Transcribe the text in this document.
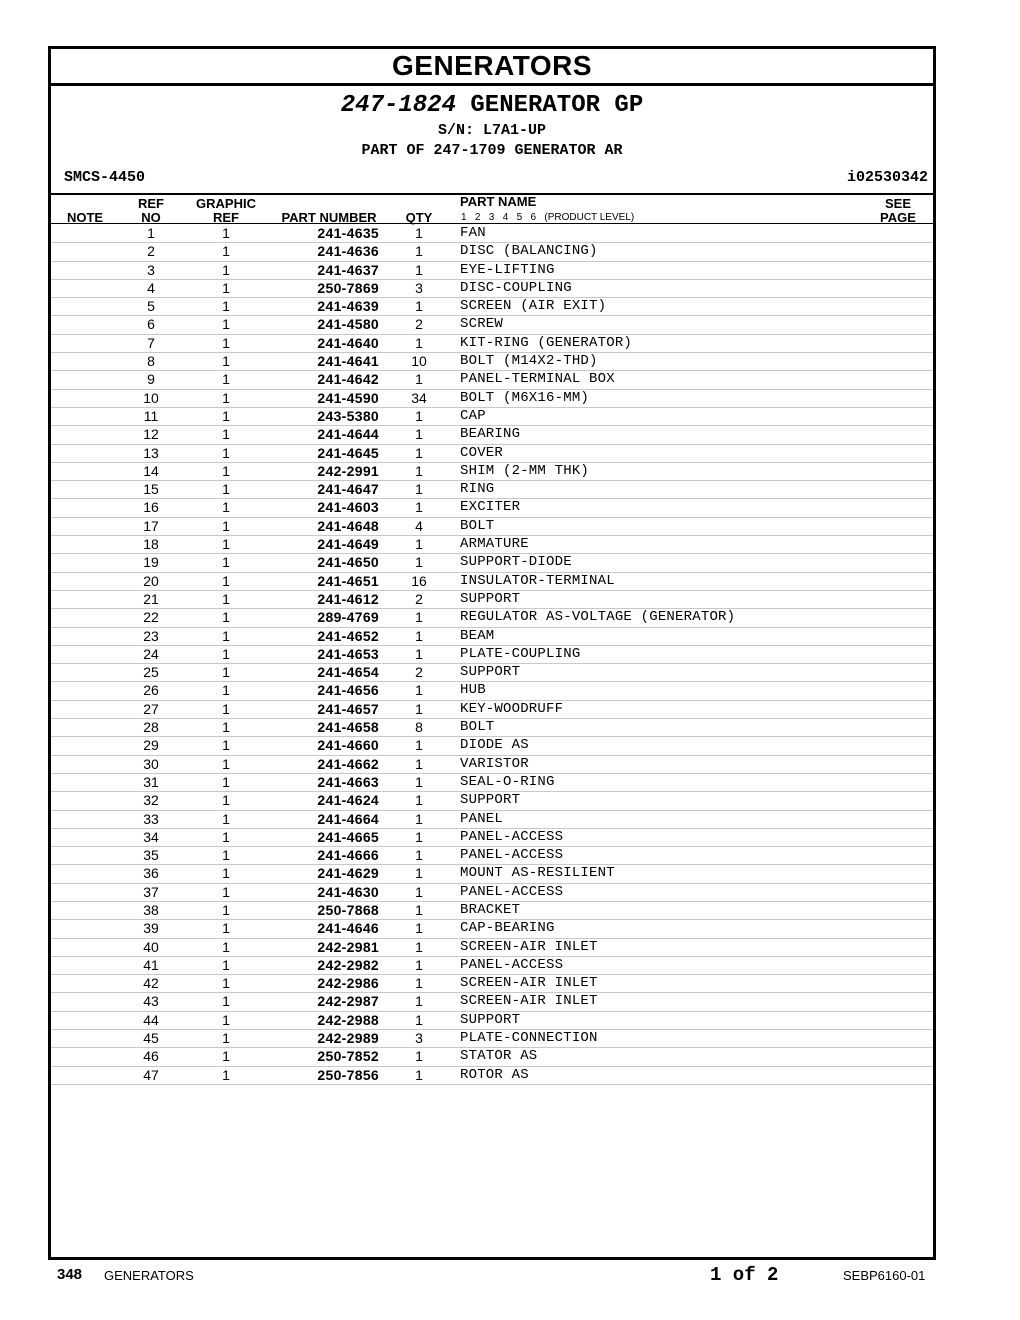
GENERATORS
247-1824 GENERATOR GP
S/N: L7A1-UP
PART OF 247-1709 GENERATOR AR
SMCS-4450	i02530342
NOTE
REF
NO
GRAPHIC
REF	PART NUMBER	QTY
PART NAME
1   2   3   4   5   6   (PRODUCT LEVEL)
SEE
PAGE
1	1	241-4635	1	FAN
2	1	241-4636	1	DISC (BALANCING)
3	1	241-4637	1	EYE-LIFTING
4	1	250-7869	3	DISC-COUPLING
5	1	241-4639	1	SCREEN (AIR EXIT)
6	1	241-4580	2	SCREW
7	1	241-4640	1	KIT-RING (GENERATOR)
8	1	241-4641	10	BOLT (M14X2-THD)
9	1	241-4642	1	PANEL-TERMINAL BOX
10	1	241-4590	34	BOLT (M6X16-MM)
11	1	243-5380	1	CAP
12	1	241-4644	1	BEARING
13	1	241-4645	1	COVER
14	1	242-2991	1	SHIM (2-MM THK)
15	1	241-4647	1	RING
16	1	241-4603	1	EXCITER
17	1	241-4648	4	BOLT
18	1	241-4649	1	ARMATURE
19	1	241-4650	1	SUPPORT-DIODE
20	1	241-4651	16	INSULATOR-TERMINAL
21	1	241-4612	2	SUPPORT
22	1	289-4769	1	REGULATOR AS-VOLTAGE (GENERATOR)
23	1	241-4652	1	BEAM
24	1	241-4653	1	PLATE-COUPLING
25	1	241-4654	2	SUPPORT
26	1	241-4656	1	HUB
27	1	241-4657	1	KEY-WOODRUFF
28	1	241-4658	8	BOLT
29	1	241-4660	1	DIODE AS
30	1	241-4662	1	VARISTOR
31	1	241-4663	1	SEAL-O-RING
32	1	241-4624	1	SUPPORT
33	1	241-4664	1	PANEL
34	1	241-4665	1	PANEL-ACCESS
35	1	241-4666	1	PANEL-ACCESS
36	1	241-4629	1	MOUNT AS-RESILIENT
37	1	241-4630	1	PANEL-ACCESS
38	1	250-7868	1	BRACKET
39	1	241-4646	1	CAP-BEARING
40	1	242-2981	1	SCREEN-AIR INLET
41	1	242-2982	1	PANEL-ACCESS
42	1	242-2986	1	SCREEN-AIR INLET
43	1	242-2987	1	SCREEN-AIR INLET
44	1	242-2988	1	SUPPORT
45	1	242-2989	3	PLATE-CONNECTION
46	1	250-7852	1	STATOR AS
47	1	250-7856	1	ROTOR AS
348 GENERATORS	1 of 2	SEBP6160-01
